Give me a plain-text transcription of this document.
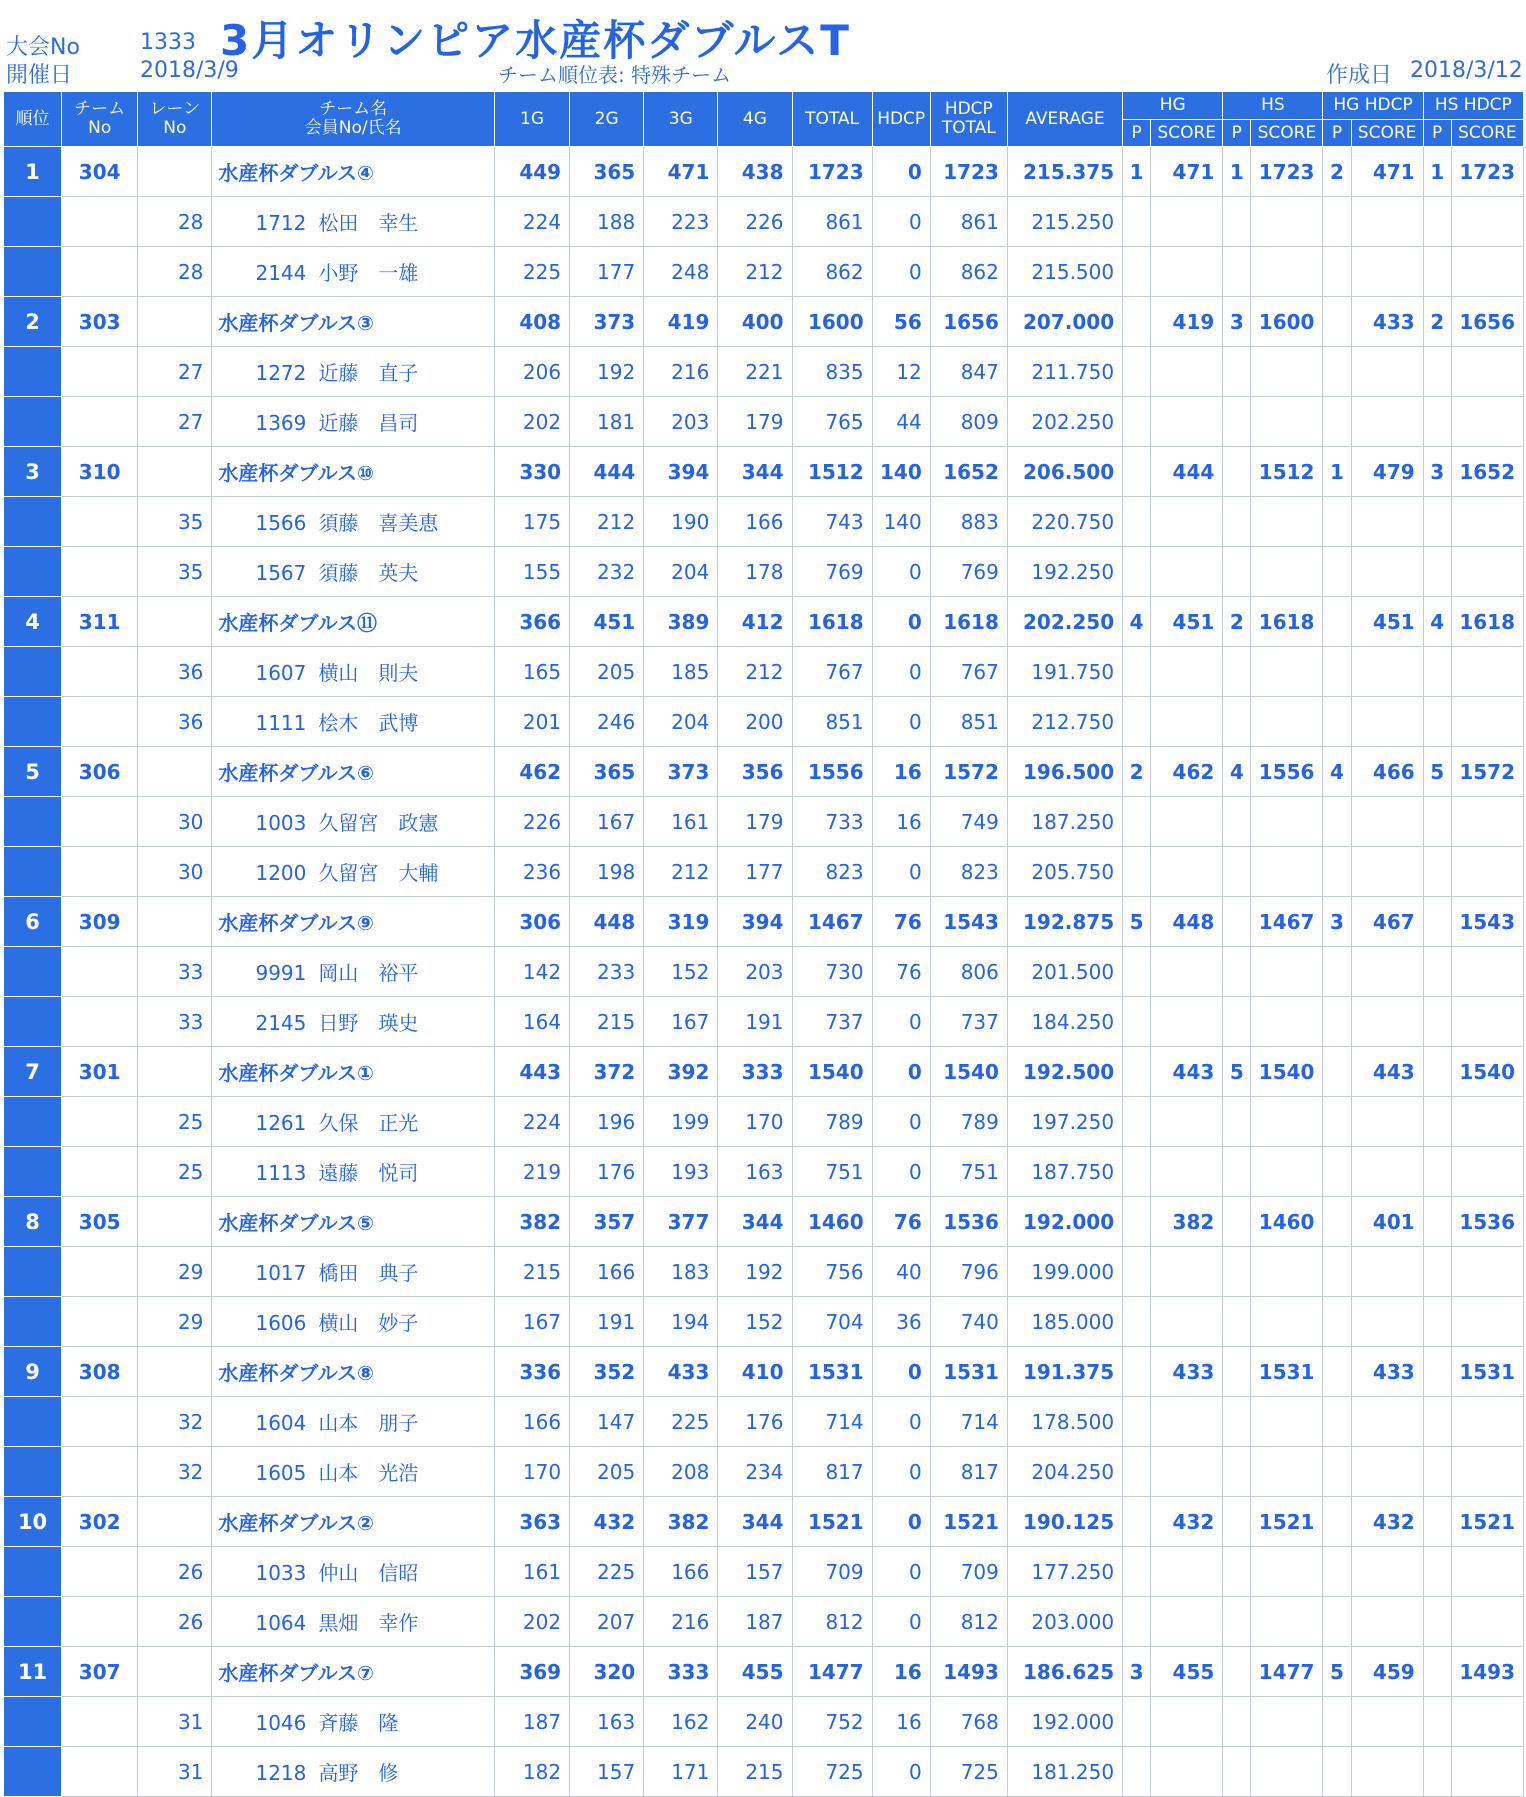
大会No	1333 3月オリンピア水産杯ダブルスT
開催日	2018/3/9	チーム順位表: 特殊チーム	作成日 2018/3/12
順位	チーム
No	レーン
No	チーム名
会員No/氏名	1G	2G	3G	4G	TOTAL	HDCP	HDCP
TOTAL	AVERAGE	HG		HS		HG HDCP		HS HDCP	
												P	SCORE	P	SCORE	P	SCORE	P	SCORE
1	304		水産杯ダブルス④	449	365	471	438	1723	0	1723	215.375	1	471	1	1723	2	471	1	1723
		28	1712 松田　幸生	224	188	223	226	861	0	861	215.250								
		28	2144 小野　一雄	225	177	248	212	862	0	862	215.500								
2	303		水産杯ダブルス③	408	373	419	400	1600	56	1656	207.000		419	3	1600		433	2	1656
		27	1272 近藤　直子	206	192	216	221	835	12	847	211.750								
		27	1369 近藤　昌司	202	181	203	179	765	44	809	202.250								
3	310		水産杯ダブルス⑩	330	444	394	344	1512	140	1652	206.500		444		1512	1	479	3	1652
		35	1566 須藤　喜美恵	175	212	190	166	743	140	883	220.750								
		35	1567 須藤　英夫	155	232	204	178	769	0	769	192.250								
4	311		水産杯ダブルス⑪	366	451	389	412	1618	0	1618	202.250	4	451	2	1618		451	4	1618
		36	1607 横山　則夫	165	205	185	212	767	0	767	191.750								
		36	1111 桧木　武博	201	246	204	200	851	0	851	212.750								
5	306		水産杯ダブルス⑥	462	365	373	356	1556	16	1572	196.500	2	462	4	1556	4	466	5	1572
		30	1003 久留宮　政憲	226	167	161	179	733	16	749	187.250								
		30	1200 久留宮　大輔	236	198	212	177	823	0	823	205.750								
6	309		水産杯ダブルス⑨	306	448	319	394	1467	76	1543	192.875	5	448		1467	3	467		1543
		33	9991 岡山　裕平	142	233	152	203	730	76	806	201.500								
		33	2145 日野　瑛史	164	215	167	191	737	0	737	184.250								
7	301		水産杯ダブルス①	443	372	392	333	1540	0	1540	192.500		443	5	1540		443		1540
		25	1261 久保　正光	224	196	199	170	789	0	789	197.250								
		25	1113 遠藤　悦司	219	176	193	163	751	0	751	187.750								
8	305		水産杯ダブルス⑤	382	357	377	344	1460	76	1536	192.000		382		1460		401		1536
		29	1017 橋田　典子	215	166	183	192	756	40	796	199.000								
		29	1606 横山　妙子	167	191	194	152	704	36	740	185.000								
9	308		水産杯ダブルス⑧	336	352	433	410	1531	0	1531	191.375		433		1531		433		1531
		32	1604 山本　朋子	166	147	225	176	714	0	714	178.500								
		32	1605 山本　光浩	170	205	208	234	817	0	817	204.250								
10	302		水産杯ダブルス②	363	432	382	344	1521	0	1521	190.125		432		1521		432		1521
		26	1033 仲山　信昭	161	225	166	157	709	0	709	177.250								
		26	1064 黒畑　幸作	202	207	216	187	812	0	812	203.000								
11	307		水産杯ダブルス⑦	369	320	333	455	1477	16	1493	186.625	3	455		1477	5	459		1493
		31	1046 斉藤　隆	187	163	162	240	752	16	768	192.000								
		31	1218 高野　修	182	157	171	215	725	0	725	181.250								
